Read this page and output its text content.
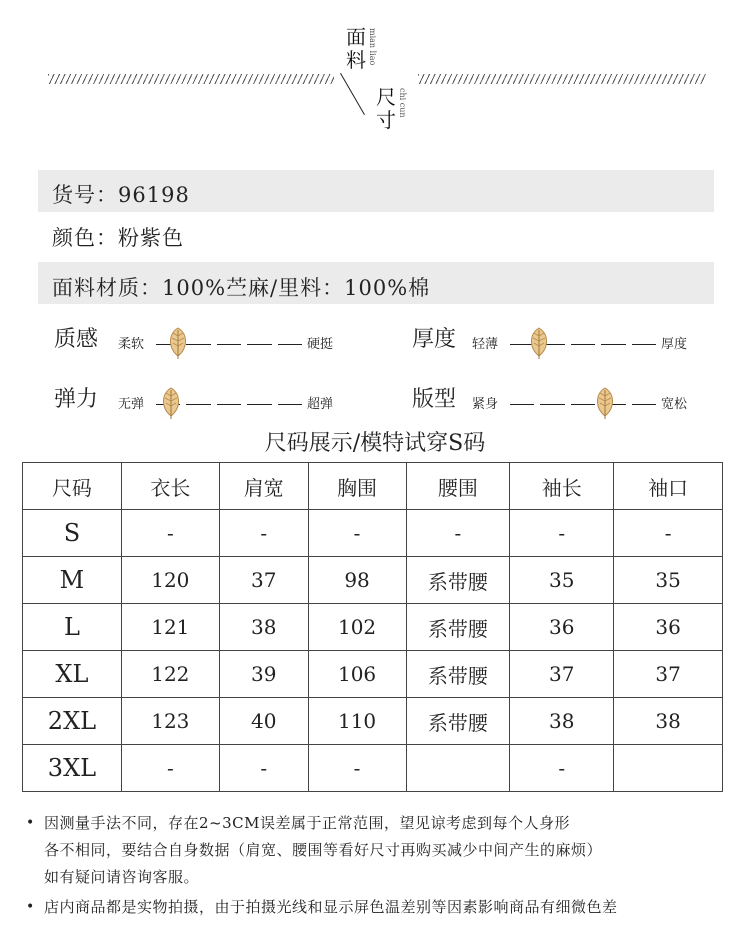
面
料 mian liao
尺
寸
chi cun
货号：96198
颜色：粉紫色
面料材质：100%苎麻/里料：100%棉
质感 柔软	硬挺	厚度 轻薄	厚度
弹力 无弹	超弹	版型 紧身	宽松
尺码展示/模特试穿S码
尺码	衣长	肩宽	胸围	腰围	袖长	袖口
S	-	-	-	-	-	-
M	120	37	98	系带腰	35	35
L	121	38	102	系带腰	36	36
XL	122	39	106	系带腰	37	37
2XL	123	40	110	系带腰	38	38
3XL	-	-	-		-	
• 因测量手法不同，存在2~3CM误差属于正常范围，望见谅考虑到每个人身形
各不相同，要结合自身数据（肩宽、腰围等看好尺寸再购买减少中间产生的麻烦）
如有疑问请咨询客服。
• 店内商品都是实物拍摄，由于拍摄光线和显示屏色温差别等因素影响商品有细微色差
